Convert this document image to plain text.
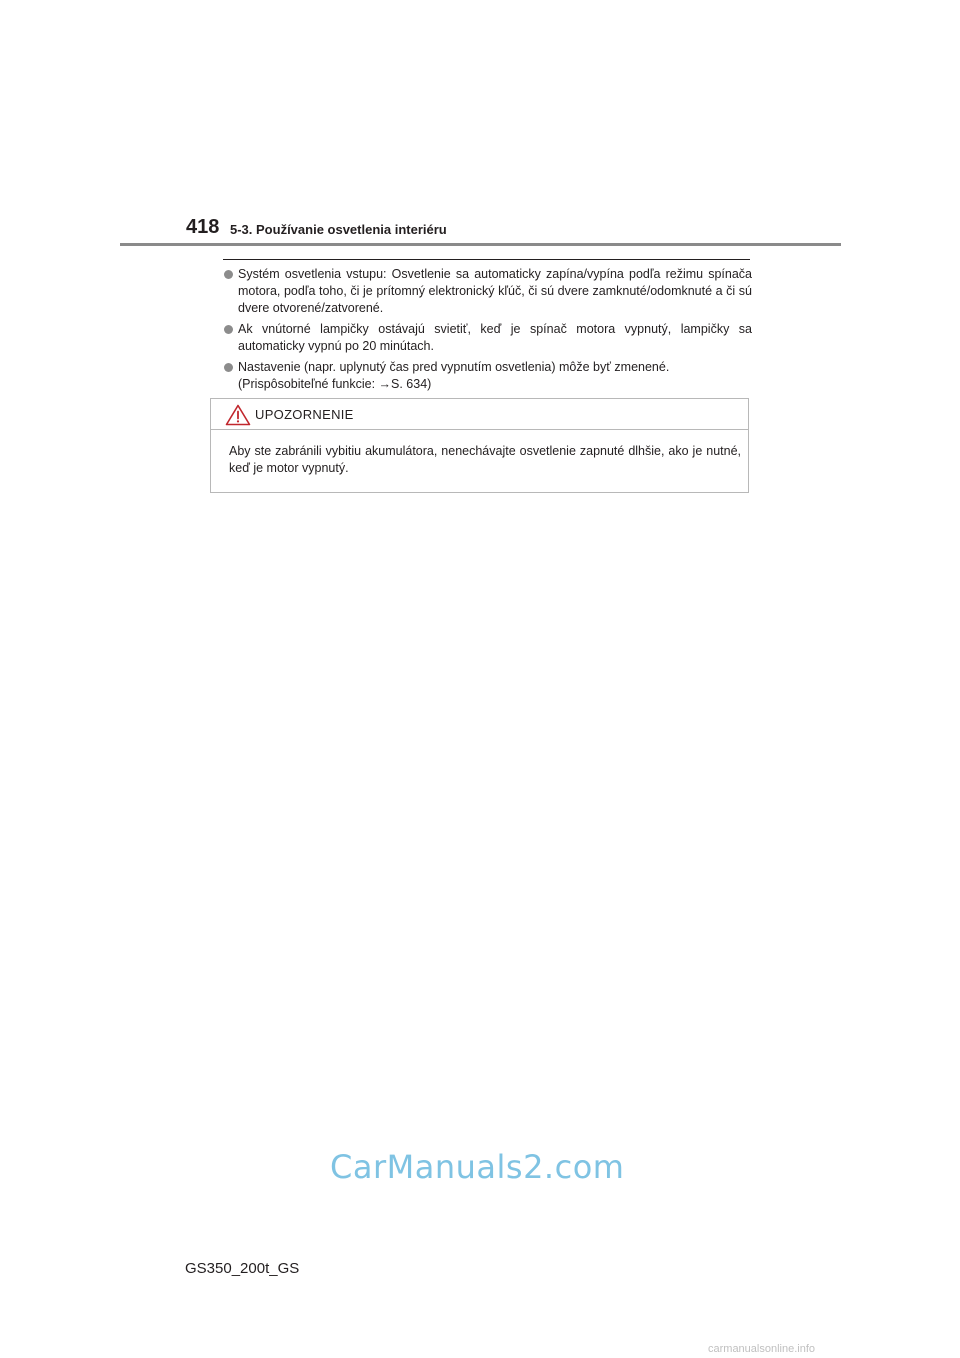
418 5-3. Používanie osvetlenia interiéru
Systém osvetlenia vstupu: Osvetlenie sa automaticky zapína/vypína podľa režimu spínača motora, podľa toho, či je prítomný elektronický kľúč, či sú dvere zamknuté/odomknuté a či sú dvere otvorené/zatvorené.
Ak vnútorné lampičky ostávajú svietiť, keď je spínač motora vypnutý, lampičky sa automaticky vypnú po 20 minútach.
Nastavenie (napr. uplynutý čas pred vypnutím osvetlenia) môže byť zmenené.
(Prispôsobiteľné funkcie: →S. 634)
UPOZORNENIE
Aby ste zabránili vybitiu akumulátora, nenechávajte osvetlenie zapnuté dlhšie, ako je nutné, keď je motor vypnutý.
CarManuals2.com
GS350_200t_GS
carmanualsonline.info
